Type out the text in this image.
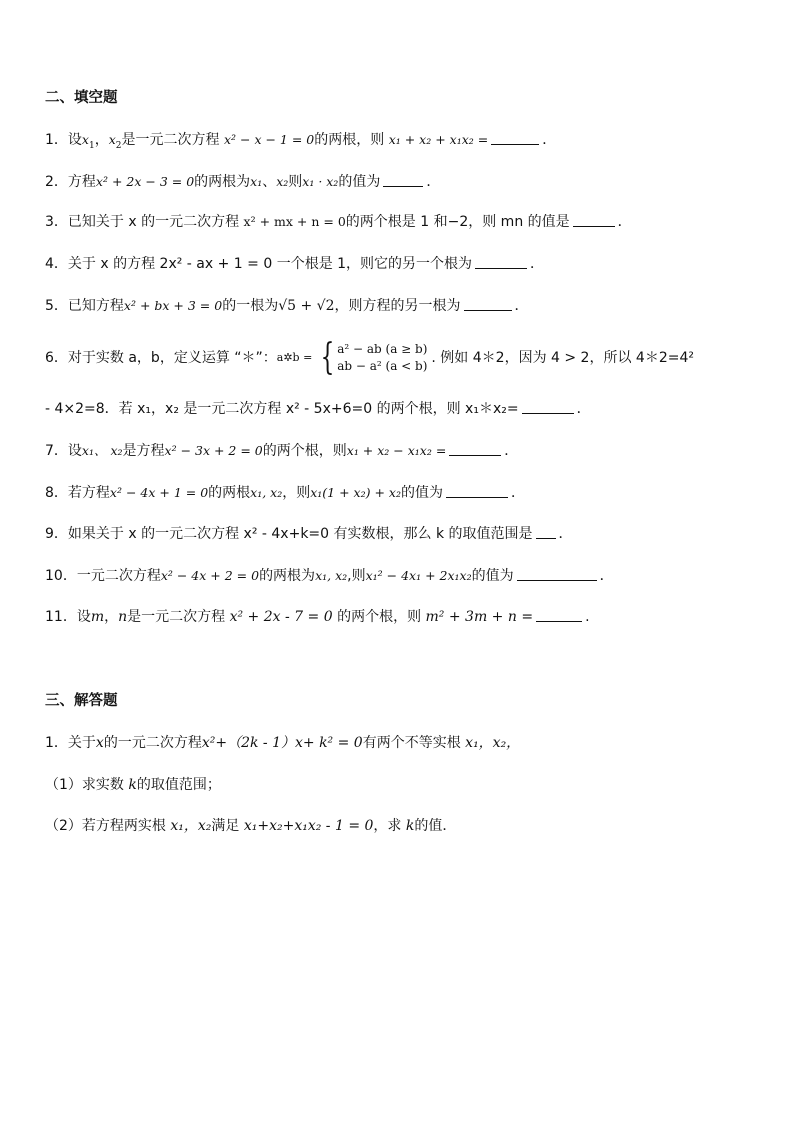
二、填空题
1．设$x_1$，$x_2$是一元二次方程 x² − x − 1 = 0的两根，则 x₁ + x₂ + x₁x₂ =	．
2．方程x² + 2x − 3 = 0的两根为x₁、x₂则x₁ · x₂的值为	．
3．已知关于 x 的一元二次方程 x² + mx + n = 0的两个根是 1 和−2，则 mn 的值是	．
4．关于 x 的方程 2x² - ax + 1 = 0 一个根是 1，则它的另一个根为	．
5．已知方程x² + bx + 3 = 0的一根为√5 + √2，则方程的另一根为	．
6．对于实数 a，b，定义运算 “＊”： a✲b = { a² − ab (a ≥ b)
ab − a² (a < b) . 例如 4＊2，因为 4 > 2，所以 4＊2=4²
- 4×2=8．若 x₁，x₂ 是一元二次方程 x² - 5x+6=0 的两个根，则 x₁＊x₂=	．
7．设x₁、 x₂是方程x² − 3x + 2 = 0的两个根，则x₁ + x₂ − x₁x₂ =	．
8．若方程x² − 4x + 1 = 0的两根x₁, x₂，则x₁(1 + x₂) + x₂的值为	．
9．如果关于 x 的一元二次方程 x² - 4x+k=0 有实数根，那么 k 的取值范围是 ．
10．一元二次方程x² − 4x + 2 = 0的两根为x₁, x₂,则x₁² − 4x₁ + 2x₁x₂的值为	．
11．设m，n是一元二次方程 x² + 2x - 7 = 0 的两个根，则 m² + 3m + n =	.
三、解答题
1．关于x的一元二次方程x²+（2k - 1）x+ k² = 0有两个不等实根 x₁，x₂，
（1）求实数 k的取值范围；
（2）若方程两实根 x₁，x₂满足 x₁+x₂+x₁x₂ - 1 = 0，求 k的值．
